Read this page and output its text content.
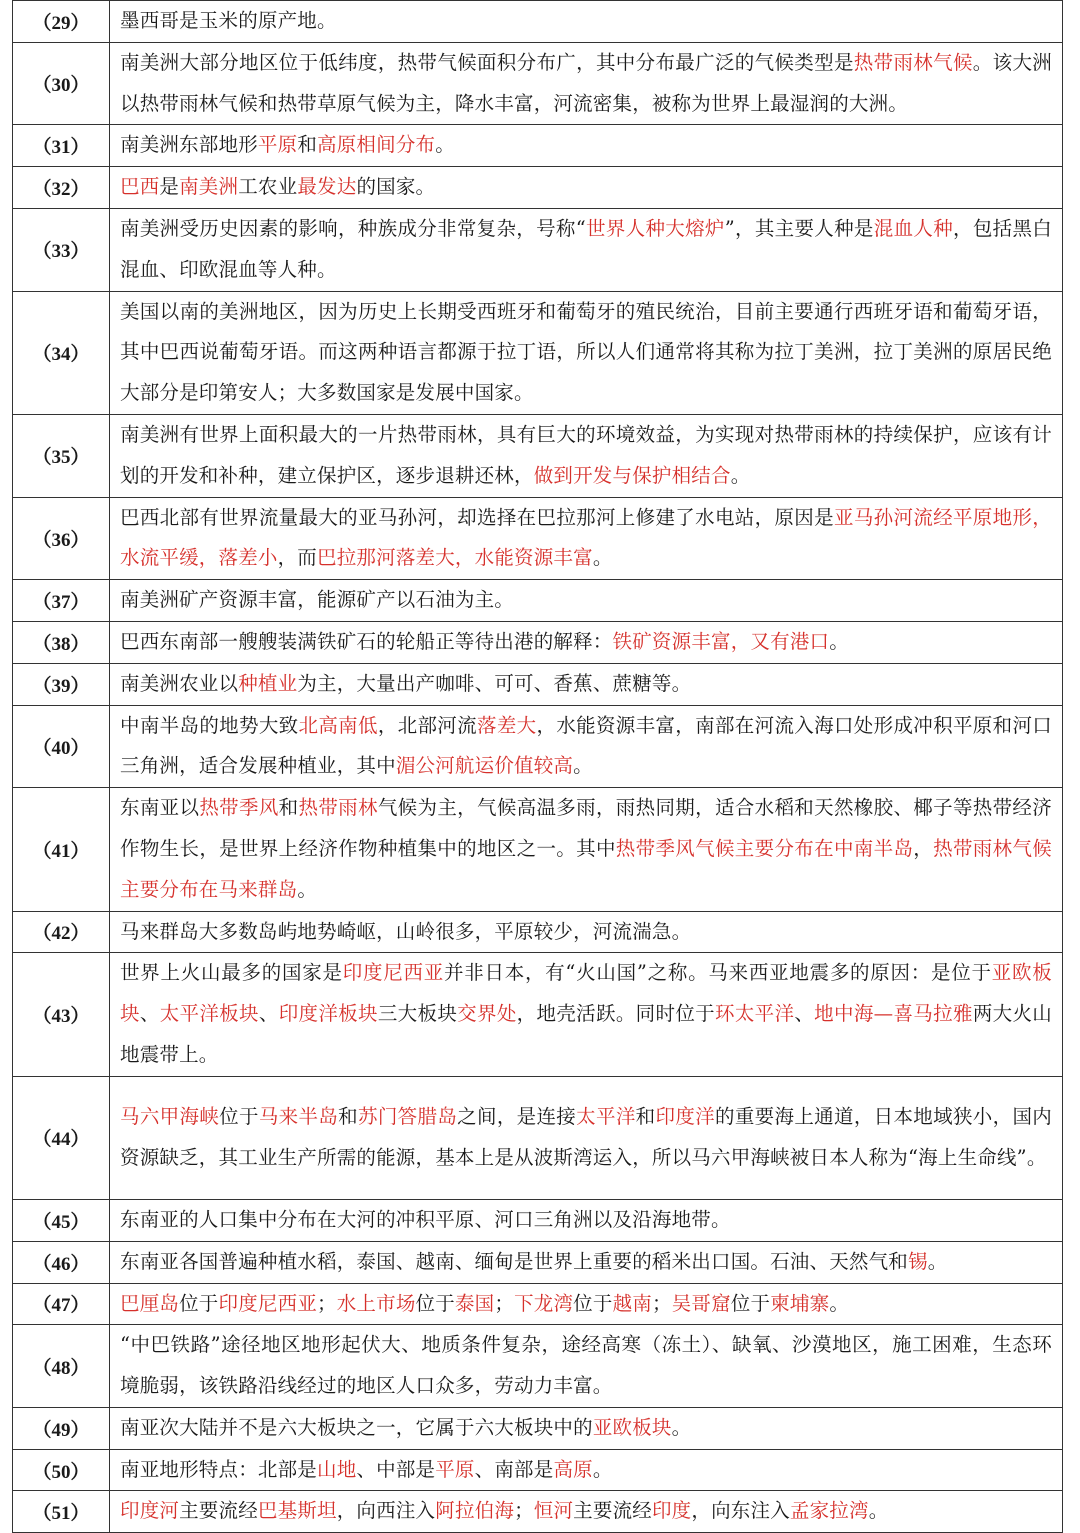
（29）	墨西哥是玉米的原产地。
（30）	南美洲大部分地区位于低纬度，热带气候面积分布广，其中分布最广泛的气候类型是热带雨林气候。该大洲以热带雨林气候和热带草原气候为主，降水丰富，河流密集，被称为世界上最湿润的大洲。
（31）	南美洲东部地形平原和高原相间分布。
（32）	巴西是南美洲工农业最发达的国家。
（33）	南美洲受历史因素的影响，种族成分非常复杂，号称“世界人种大熔炉”，其主要人种是混血人种，包括黑白混血、印欧混血等人种。
（34）	美国以南的美洲地区，因为历史上长期受西班牙和葡萄牙的殖民统治，目前主要通行西班牙语和葡萄牙语，其中巴西说葡萄牙语。而这两种语言都源于拉丁语，所以人们通常将其称为拉丁美洲，拉丁美洲的原居民绝大部分是印第安人；大多数国家是发展中国家。
（35）	南美洲有世界上面积最大的一片热带雨林，具有巨大的环境效益，为实现对热带雨林的持续保护，应该有计划的开发和补种，建立保护区，逐步退耕还林，做到开发与保护相结合。
（36）	巴西北部有世界流量最大的亚马孙河，却选择在巴拉那河上修建了水电站，原因是亚马孙河流经平原地形，水流平缓，落差小，而巴拉那河落差大，水能资源丰富。
（37）	南美洲矿产资源丰富，能源矿产以石油为主。
（38）	巴西东南部一艘艘装满铁矿石的轮船正等待出港的解释：铁矿资源丰富，又有港口。
（39）	南美洲农业以种植业为主，大量出产咖啡、可可、香蕉、蔗糖等。
（40）	中南半岛的地势大致北高南低，北部河流落差大，水能资源丰富，南部在河流入海口处形成冲积平原和河口三角洲，适合发展种植业，其中湄公河航运价值较高。
（41）	东南亚以热带季风和热带雨林气候为主，气候高温多雨，雨热同期，适合水稻和天然橡胶、椰子等热带经济作物生长，是世界上经济作物种植集中的地区之一。其中热带季风气候主要分布在中南半岛，热带雨林气候主要分布在马来群岛。
（42）	马来群岛大多数岛屿地势崎岖，山岭很多，平原较少，河流湍急。
（43）	世界上火山最多的国家是印度尼西亚并非日本，有“火山国”之称。马来西亚地震多的原因：是位于亚欧板块、太平洋板块、印度洋板块三大板块交界处，地壳活跃。同时位于环太平洋、地中海—喜马拉雅两大火山地震带上。
（44）	马六甲海峡位于马来半岛和苏门答腊岛之间，是连接太平洋和印度洋的重要海上通道，日本地域狭小，国内资源缺乏，其工业生产所需的能源，基本上是从波斯湾运入，所以马六甲海峡被日本人称为“海上生命线”。
（45）	东南亚的人口集中分布在大河的冲积平原、河口三角洲以及沿海地带。
（46）	东南亚各国普遍种植水稻，泰国、越南、缅甸是世界上重要的稻米出口国。石油、天然气和锡。
（47）	巴厘岛位于印度尼西亚；水上市场位于泰国；下龙湾位于越南；吴哥窟位于柬埔寨。
（48）	“中巴铁路”途径地区地形起伏大、地质条件复杂，途经高寒（冻土）、缺氧、沙漠地区，施工困难，生态环境脆弱，该铁路沿线经过的地区人口众多，劳动力丰富。
（49）	南亚次大陆并不是六大板块之一，它属于六大板块中的亚欧板块。
（50）	南亚地形特点：北部是山地、中部是平原、南部是高原。
（51）	印度河主要流经巴基斯坦，向西注入阿拉伯海；恒河主要流经印度，向东注入孟家拉湾。
